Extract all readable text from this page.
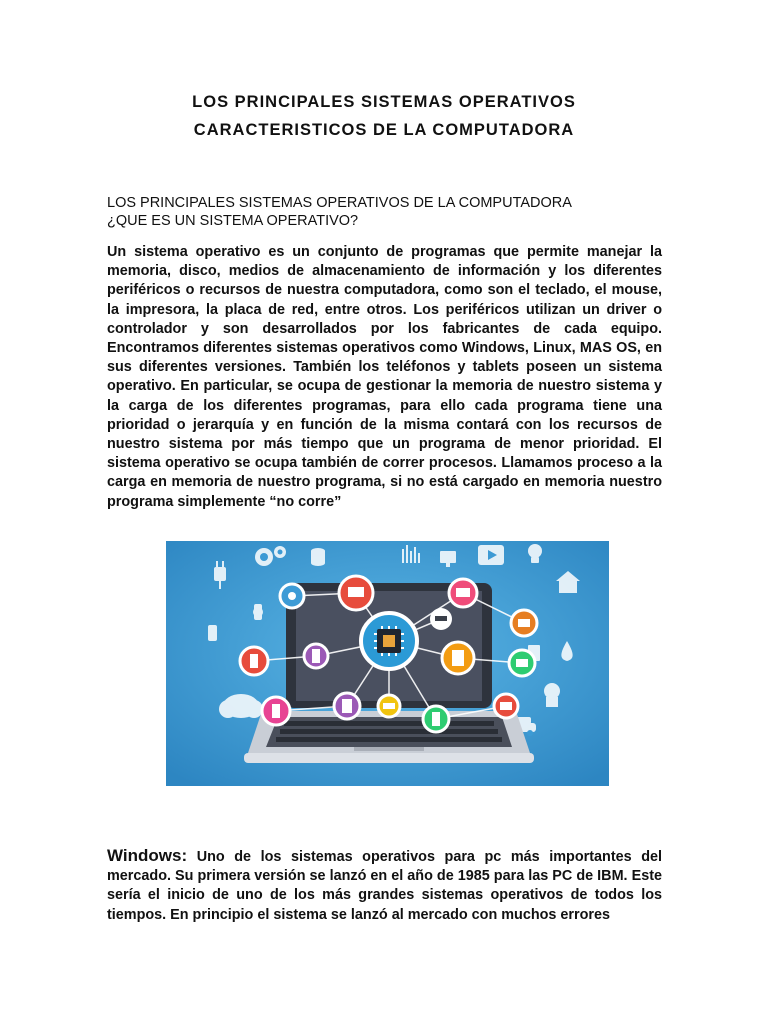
LOS PRINCIPALES SISTEMAS OPERATIVOS
CARACTERISTICOS DE LA COMPUTADORA
LOS PRINCIPALES SISTEMAS OPERATIVOS DE LA COMPUTADORA
¿QUE ES UN SISTEMA OPERATIVO?
Un sistema operativo es un conjunto de programas que permite manejar la memoria, disco, medios de almacenamiento de información y los diferentes periféricos o recursos de nuestra computadora, como son el teclado, el mouse, la impresora, la placa de red, entre otros. Los periféricos utilizan un driver o controlador y son desarrollados por los fabricantes de cada equipo. Encontramos diferentes sistemas operativos como Windows, Linux, MAS OS, en sus diferentes versiones. También los teléfonos y tablets poseen un sistema operativo. En particular, se ocupa de gestionar la memoria de nuestro sistema y la carga de los diferentes programas, para ello cada programa tiene una prioridad o jerarquía y en función de la misma contará con los recursos de nuestro sistema por más tiempo que un programa de menor prioridad. El sistema operativo se ocupa también de correr procesos. Llamamos proceso a la carga en memoria de nuestro programa, si no está cargado en memoria nuestro programa simplemente “no corre”
Windows: Uno de los sistemas operativos para pc más importantes del mercado. Su primera versión se lanzó en el año de 1985 para las PC de IBM. Este sería el inicio de uno de los más grandes sistemas operativos de todos los tiempos. En principio el sistema se lanzó al mercado con muchos errores
